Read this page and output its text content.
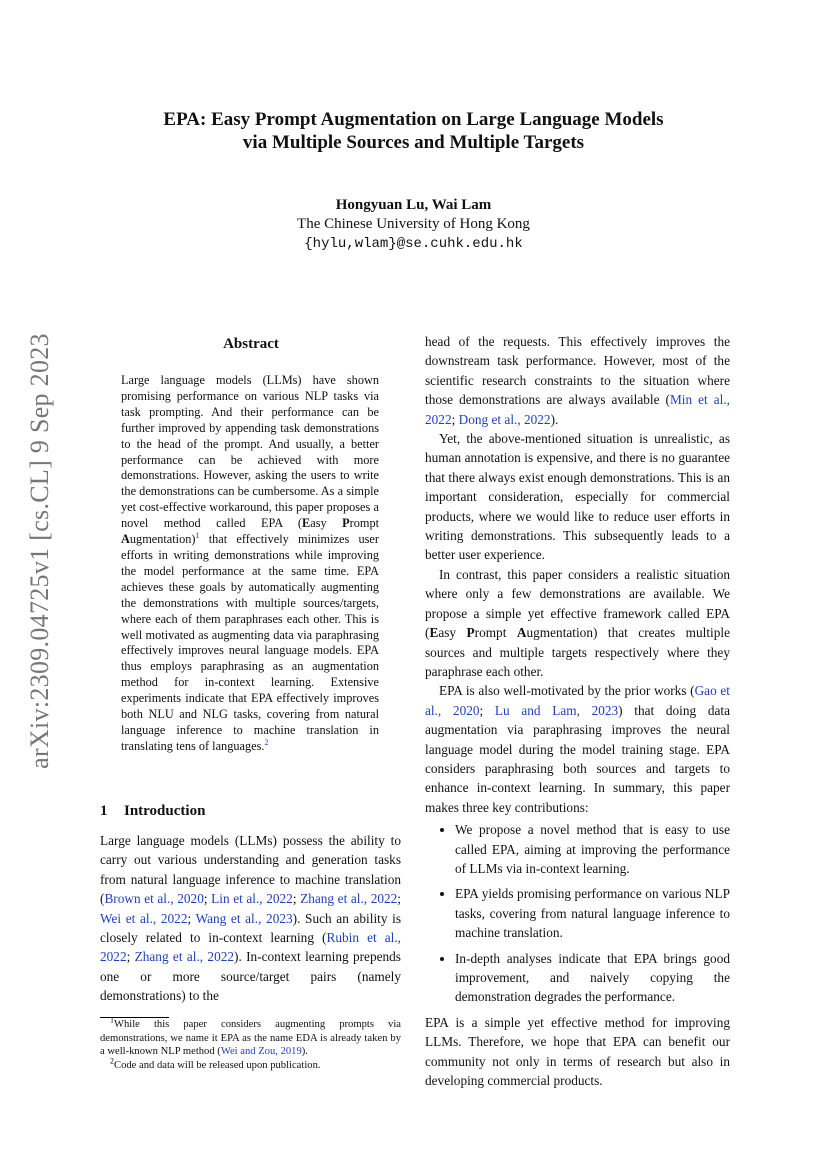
EPA: Easy Prompt Augmentation on Large Language Models
via Multiple Sources and Multiple Targets
Hongyuan Lu, Wai Lam
The Chinese University of Hong Kong
{hylu,wlam}@se.cuhk.edu.hk
arXiv:2309.04725v1 [cs.CL] 9 Sep 2023	Abstract
Large language models (LLMs) have shown promising performance on various NLP tasks via task prompting. And their performance can be further improved by appending task demonstrations to the head of the prompt. And usually, a better performance can be achieved with more demonstrations. However, asking the users to write the demonstrations can be cumbersome. As a simple yet cost-effective workaround, this paper proposes a novel method called EPA (Easy Prompt Augmentation)$^1$ that effectively minimizes user efforts in writing demonstrations while improving the model performance at the same time. EPA achieves these goals by automatically augmenting the demonstrations with multiple sources/targets, where each of them paraphrases each other. This is well motivated as augmenting data via paraphrasing effectively improves neural language models. EPA thus employs paraphrasing as an augmentation method for in-context learning. Extensive experiments indicate that EPA effectively improves both NLU and NLG tasks, covering from natural language inference to machine translation in translating tens of languages.$^2$
1 Introduction
Large language models (LLMs) possess the ability to carry out various understanding and generation tasks from natural language inference to machine translation (Brown et al., 2020; Lin et al., 2022; Zhang et al., 2022; Wei et al., 2022; Wang et al., 2023). Such an ability is closely related to in-context learning (Rubin et al., 2022; Zhang et al., 2022). In-context learning prepends one or more source/target pairs (namely demonstrations) to the

$^1$While this paper considers augmenting prompts via demonstrations, we name it EPA as the name EDA is already taken by a well-known NLP method (Wei and Zou, 2019).

$^2$Code and data will be released upon publication.

head of the requests. This effectively improves the downstream task performance. However, most of the scientific research constraints to the situation where those demonstrations are always available (Min et al., 2022; Dong et al., 2022).

Yet, the above-mentioned situation is unrealistic, as human annotation is expensive, and there is no guarantee that there always exist enough demonstrations. This is an important consideration, especially for commercial products, where we would like to reduce user efforts in writing demonstrations. This subsequently leads to a better user experience.

In contrast, this paper considers a realistic situation where only a few demonstrations are available. We propose a simple yet effective framework called EPA (Easy Prompt Augmentation) that creates multiple sources and multiple targets respectively where they paraphrase each other.

EPA is also well-motivated by the prior works (Gao et al., 2020; Lu and Lam, 2023) that doing data augmentation via paraphrasing improves the neural language model during the model training stage. EPA considers paraphrasing both sources and targets to enhance in-context learning. In summary, this paper makes three key contributions:

• We propose a novel method that is easy to use called EPA, aiming at improving the performance of LLMs via in-context learning.
• EPA yields promising performance on various NLP tasks, covering from natural language inference to machine translation.
• In-depth analyses indicate that EPA brings good improvement, and naively copying the demonstration degrades the performance.

EPA is a simple yet effective method for improving LLMs. Therefore, we hope that EPA can benefit our community not only in terms of research but also in developing commercial products.
